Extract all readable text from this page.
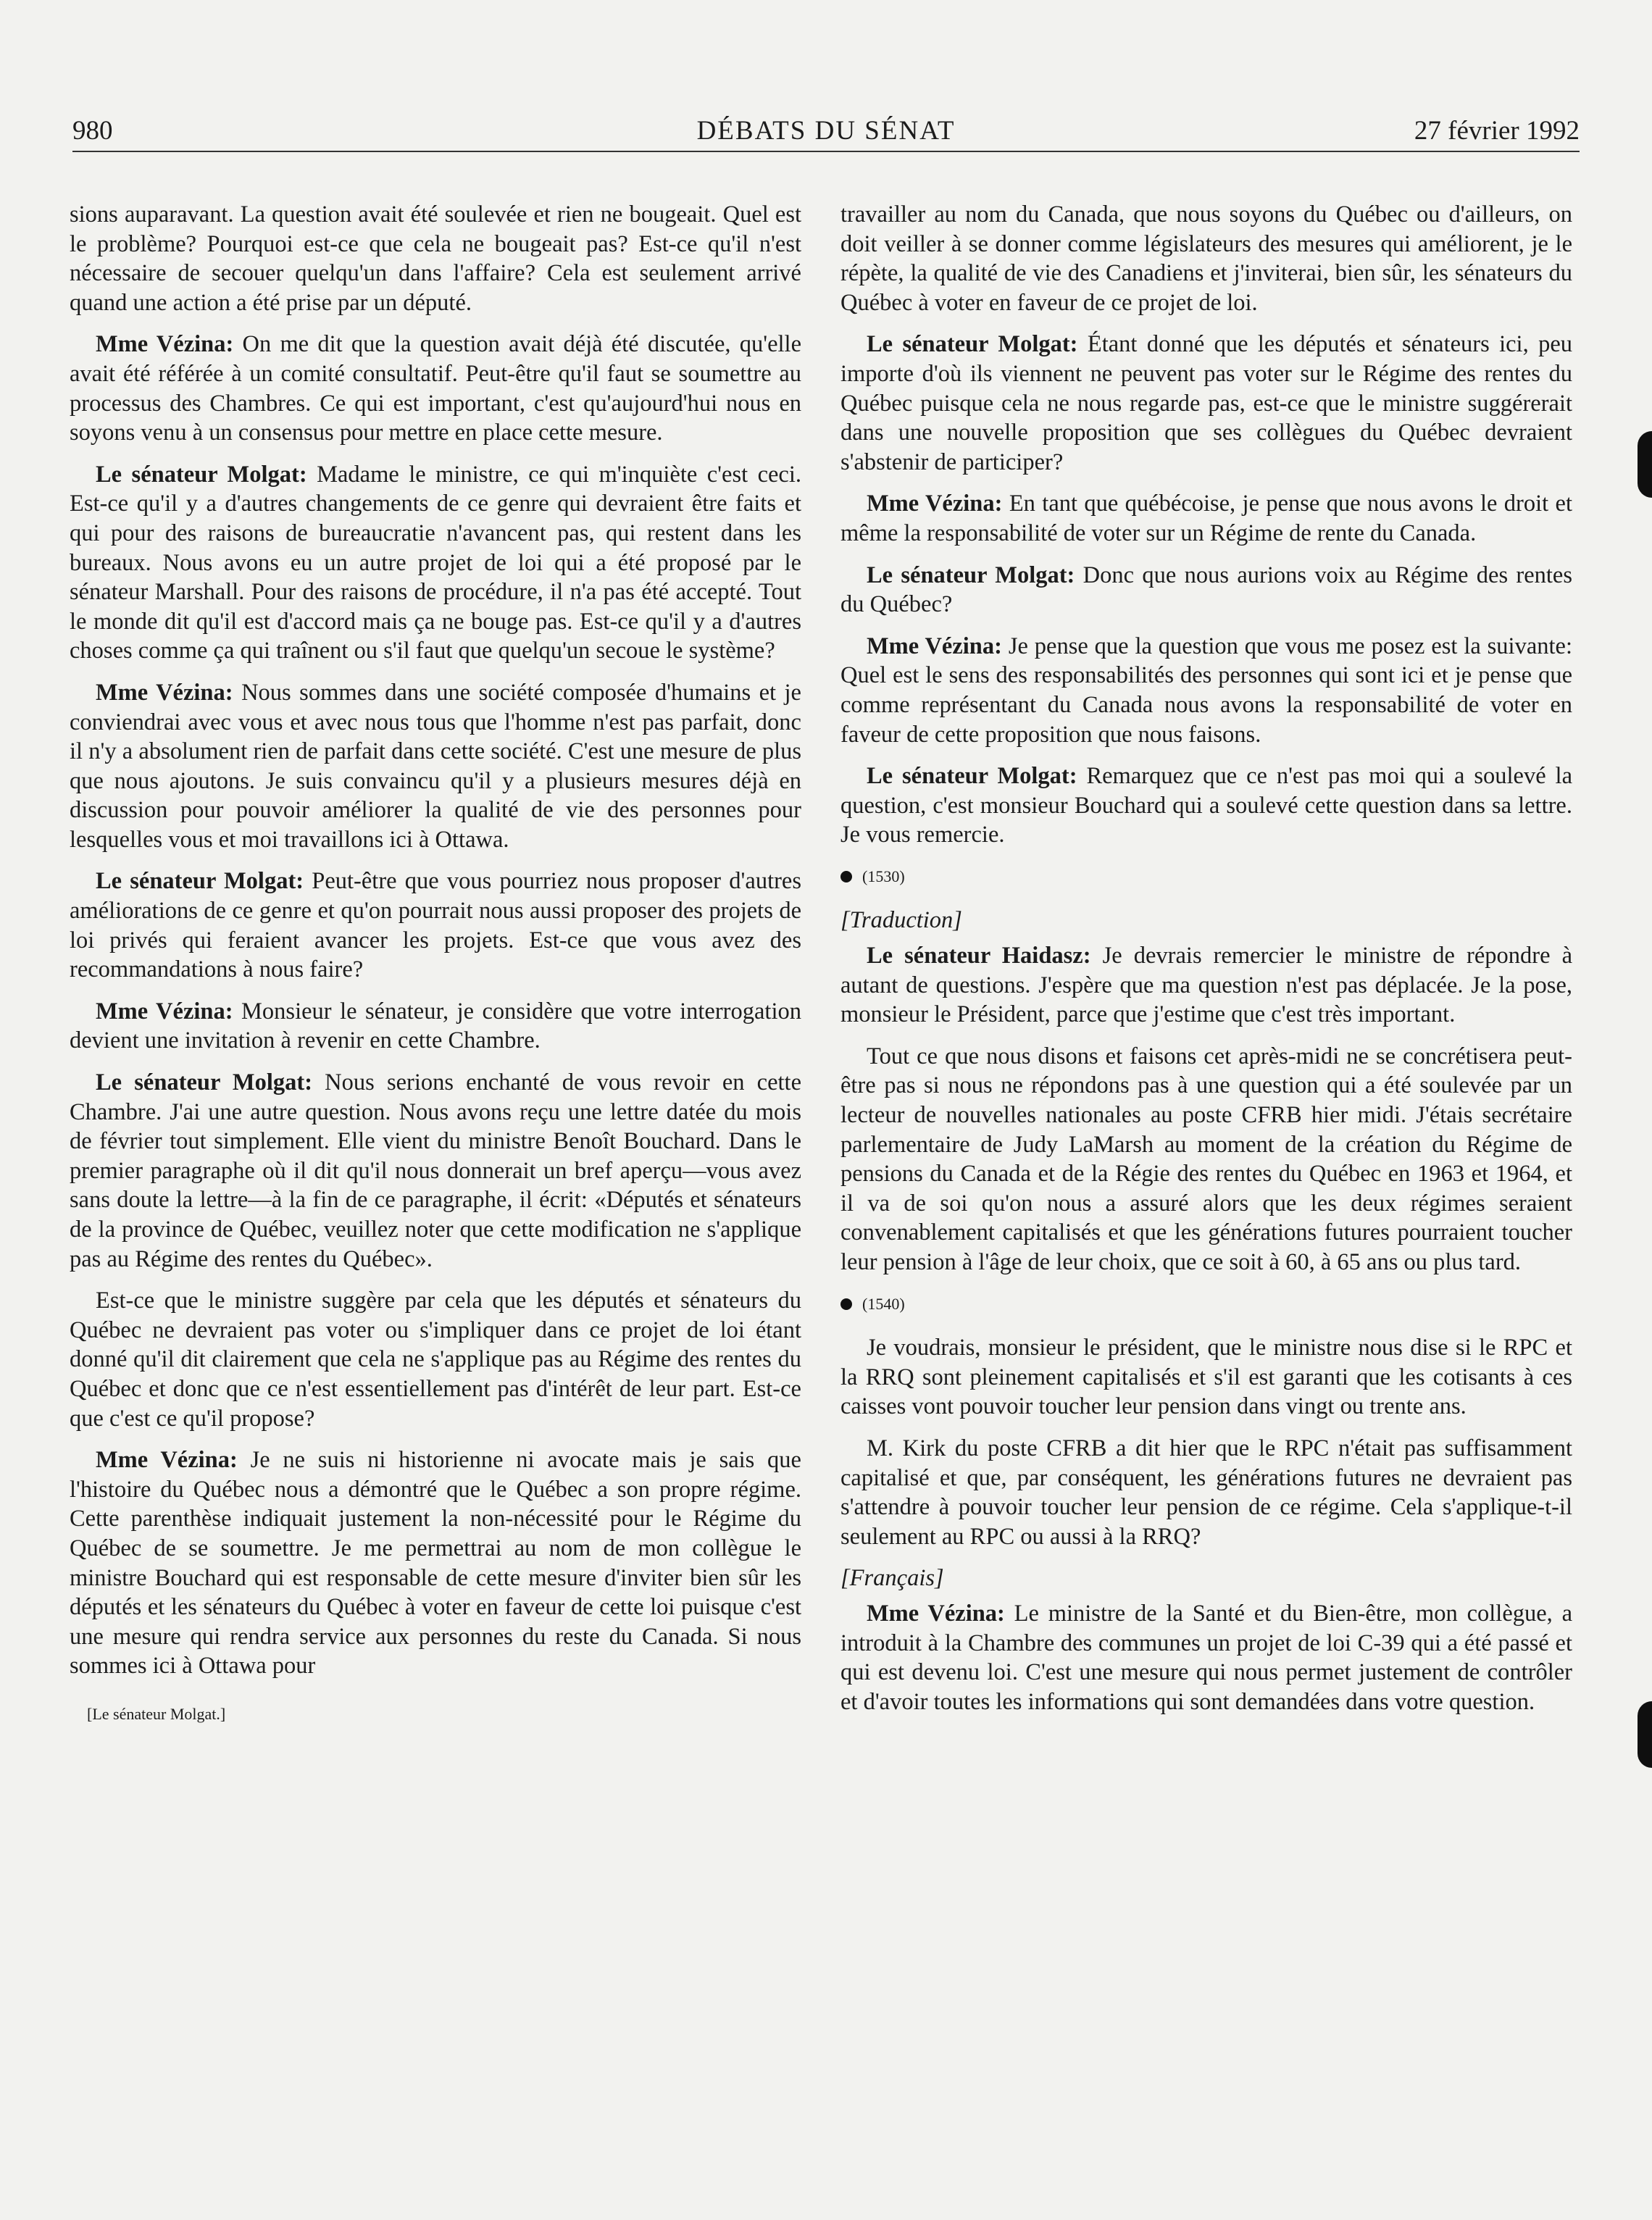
980	DÉBATS DU SÉNAT	27 février 1992

sions auparavant. La question avait été soulevée et rien ne bougeait. Quel est le problème? Pourquoi est-ce que cela ne bougeait pas? Est-ce qu'il n'est nécessaire de secouer quelqu'un dans l'affaire? Cela est seulement arrivé quand une action a été prise par un député.

Mme Vézina: On me dit que la question avait déjà été discutée, qu'elle avait été référée à un comité consultatif. Peut-être qu'il faut se soumettre au processus des Chambres. Ce qui est important, c'est qu'aujourd'hui nous en soyons venu à un consensus pour mettre en place cette mesure.

Le sénateur Molgat: Madame le ministre, ce qui m'inquiète c'est ceci. Est-ce qu'il y a d'autres changements de ce genre qui devraient être faits et qui pour des raisons de bureaucratie n'avancent pas, qui restent dans les bureaux. Nous avons eu un autre projet de loi qui a été proposé par le sénateur Marshall. Pour des raisons de procédure, il n'a pas été accepté. Tout le monde dit qu'il est d'accord mais ça ne bouge pas. Est-ce qu'il y a d'autres choses comme ça qui traînent ou s'il faut que quelqu'un secoue le système?

Mme Vézina: Nous sommes dans une société composée d'humains et je conviendrai avec vous et avec nous tous que l'homme n'est pas parfait, donc il n'y a absolument rien de parfait dans cette société. C'est une mesure de plus que nous ajoutons. Je suis convaincu qu'il y a plusieurs mesures déjà en discussion pour pouvoir améliorer la qualité de vie des personnes pour lesquelles vous et moi travaillons ici à Ottawa.

Le sénateur Molgat: Peut-être que vous pourriez nous proposer d'autres améliorations de ce genre et qu'on pourrait nous aussi proposer des projets de loi privés qui feraient avancer les projets. Est-ce que vous avez des recommandations à nous faire?

Mme Vézina: Monsieur le sénateur, je considère que votre interrogation devient une invitation à revenir en cette Chambre.

Le sénateur Molgat: Nous serions enchanté de vous revoir en cette Chambre. J'ai une autre question. Nous avons reçu une lettre datée du mois de février tout simplement. Elle vient du ministre Benoît Bouchard. Dans le premier paragraphe où il dit qu'il nous donnerait un bref aperçu—vous avez sans doute la lettre—à la fin de ce paragraphe, il écrit: «Députés et sénateurs de la province de Québec, veuillez noter que cette modification ne s'applique pas au Régime des rentes du Québec».

Est-ce que le ministre suggère par cela que les députés et sénateurs du Québec ne devraient pas voter ou s'impliquer dans ce projet de loi étant donné qu'il dit clairement que cela ne s'applique pas au Régime des rentes du Québec et donc que ce n'est essentiellement pas d'intérêt de leur part. Est-ce que c'est ce qu'il propose?

Mme Vézina: Je ne suis ni historienne ni avocate mais je sais que l'histoire du Québec nous a démontré que le Québec a son propre régime. Cette parenthèse indiquait justement la non-nécessité pour le Régime du Québec de se soumettre. Je me permettrai au nom de mon collègue le ministre Bouchard qui est responsable de cette mesure d'inviter bien sûr les députés et les sénateurs du Québec à voter en faveur de cette loi puisque c'est une mesure qui rendra service aux personnes du reste du Canada. Si nous sommes ici à Ottawa pour

[Le sénateur Molgat.]

travailler au nom du Canada, que nous soyons du Québec ou d'ailleurs, on doit veiller à se donner comme législateurs des mesures qui améliorent, je le répète, la qualité de vie des Canadiens et j'inviterai, bien sûr, les sénateurs du Québec à voter en faveur de ce projet de loi.

Le sénateur Molgat: Étant donné que les députés et sénateurs ici, peu importe d'où ils viennent ne peuvent pas voter sur le Régime des rentes du Québec puisque cela ne nous regarde pas, est-ce que le ministre suggérerait dans une nouvelle proposition que ses collègues du Québec devraient s'abstenir de participer?

Mme Vézina: En tant que québécoise, je pense que nous avons le droit et même la responsabilité de voter sur un Régime de rente du Canada.

Le sénateur Molgat: Donc que nous aurions voix au Régime des rentes du Québec?

Mme Vézina: Je pense que la question que vous me posez est la suivante: Quel est le sens des responsabilités des personnes qui sont ici et je pense que comme représentant du Canada nous avons la responsabilité de voter en faveur de cette proposition que nous faisons.

Le sénateur Molgat: Remarquez que ce n'est pas moi qui a soulevé la question, c'est monsieur Bouchard qui a soulevé cette question dans sa lettre. Je vous remercie.

(1530)
[Traduction]

Le sénateur Haidasz: Je devrais remercier le ministre de répondre à autant de questions. J'espère que ma question n'est pas déplacée. Je la pose, monsieur le Président, parce que j'estime que c'est très important.

Tout ce que nous disons et faisons cet après-midi ne se concrétisera peut-être pas si nous ne répondons pas à une question qui a été soulevée par un lecteur de nouvelles nationales au poste CFRB hier midi. J'étais secrétaire parlementaire de Judy LaMarsh au moment de la création du Régime de pensions du Canada et de la Régie des rentes du Québec en 1963 et 1964, et il va de soi qu'on nous a assuré alors que les deux régimes seraient convenablement capitalisés et que les générations futures pourraient toucher leur pension à l'âge de leur choix, que ce soit à 60, à 65 ans ou plus tard.

(1540)

Je voudrais, monsieur le président, que le ministre nous dise si le RPC et la RRQ sont pleinement capitalisés et s'il est garanti que les cotisants à ces caisses vont pouvoir toucher leur pension dans vingt ou trente ans.

M. Kirk du poste CFRB a dit hier que le RPC n'était pas suffisamment capitalisé et que, par conséquent, les générations futures ne devraient pas s'attendre à pouvoir toucher leur pension de ce régime. Cela s'applique-t-il seulement au RPC ou aussi à la RRQ?

[Français]

Mme Vézina: Le ministre de la Santé et du Bien-être, mon collègue, a introduit à la Chambre des communes un projet de loi C-39 qui a été passé et qui est devenu loi. C'est une mesure qui nous permet justement de contrôler et d'avoir toutes les informations qui sont demandées dans votre question.
